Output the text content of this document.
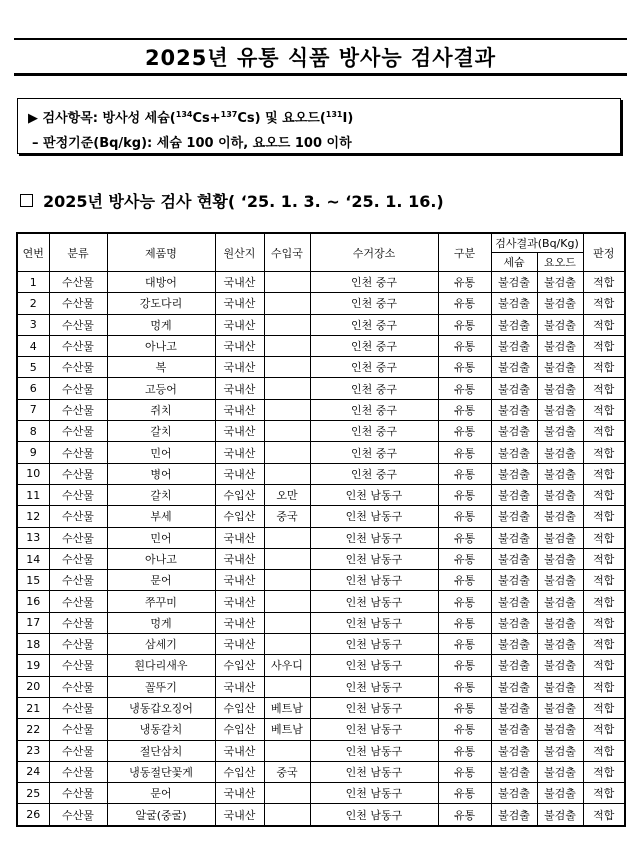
2025년 유통 식품 방사능 검사결과
▶ 검사항목: 방사성 세슘($^{134}$Cs+$^{137}$Cs) 및 요오드($^{131}$I)
– 판정기준(Bq/kg): 세슘 100 이하, 요오드 100 이하
2025년 방사능 검사 현황( ‘25. 1. 3. ~ ‘25. 1. 16.)
연번	분류	제품명	원산지	수입국	수거장소	구분	검사결과(Bq/Kg)		판정
							세슘	요오드	
1	수산물	대방어	국내산		인천 중구	유통	불검출	불검출	적합
2	수산물	강도다리	국내산		인천 중구	유통	불검출	불검출	적합
3	수산물	멍게	국내산		인천 중구	유통	불검출	불검출	적합
4	수산물	아나고	국내산		인천 중구	유통	불검출	불검출	적합
5	수산물	복	국내산		인천 중구	유통	불검출	불검출	적합
6	수산물	고등어	국내산		인천 중구	유통	불검출	불검출	적합
7	수산물	쥐치	국내산		인천 중구	유통	불검출	불검출	적합
8	수산물	갈치	국내산		인천 중구	유통	불검출	불검출	적합
9	수산물	민어	국내산		인천 중구	유통	불검출	불검출	적합
10	수산물	병어	국내산		인천 중구	유통	불검출	불검출	적합
11	수산물	갈치	수입산	오만	인천 남동구	유통	불검출	불검출	적합
12	수산물	부세	수입산	중국	인천 남동구	유통	불검출	불검출	적합
13	수산물	민어	국내산		인천 남동구	유통	불검출	불검출	적합
14	수산물	아나고	국내산		인천 남동구	유통	불검출	불검출	적합
15	수산물	문어	국내산		인천 남동구	유통	불검출	불검출	적합
16	수산물	쭈꾸미	국내산		인천 남동구	유통	불검출	불검출	적합
17	수산물	멍게	국내산		인천 남동구	유통	불검출	불검출	적합
18	수산물	삼세기	국내산		인천 남동구	유통	불검출	불검출	적합
19	수산물	흰다리새우	수입산	사우디	인천 남동구	유통	불검출	불검출	적합
20	수산물	꼴뚜기	국내산		인천 남동구	유통	불검출	불검출	적합
21	수산물	냉동갑오징어	수입산	베트남	인천 남동구	유통	불검출	불검출	적합
22	수산물	냉동갈치	수입산	베트남	인천 남동구	유통	불검출	불검출	적합
23	수산물	절단삼치	국내산		인천 남동구	유통	불검출	불검출	적합
24	수산물	냉동절단꽃게	수입산	중국	인천 남동구	유통	불검출	불검출	적합
25	수산물	문어	국내산		인천 남동구	유통	불검출	불검출	적합
26	수산물	알굴(중굴)	국내산		인천 남동구	유통	불검출	불검출	적합
